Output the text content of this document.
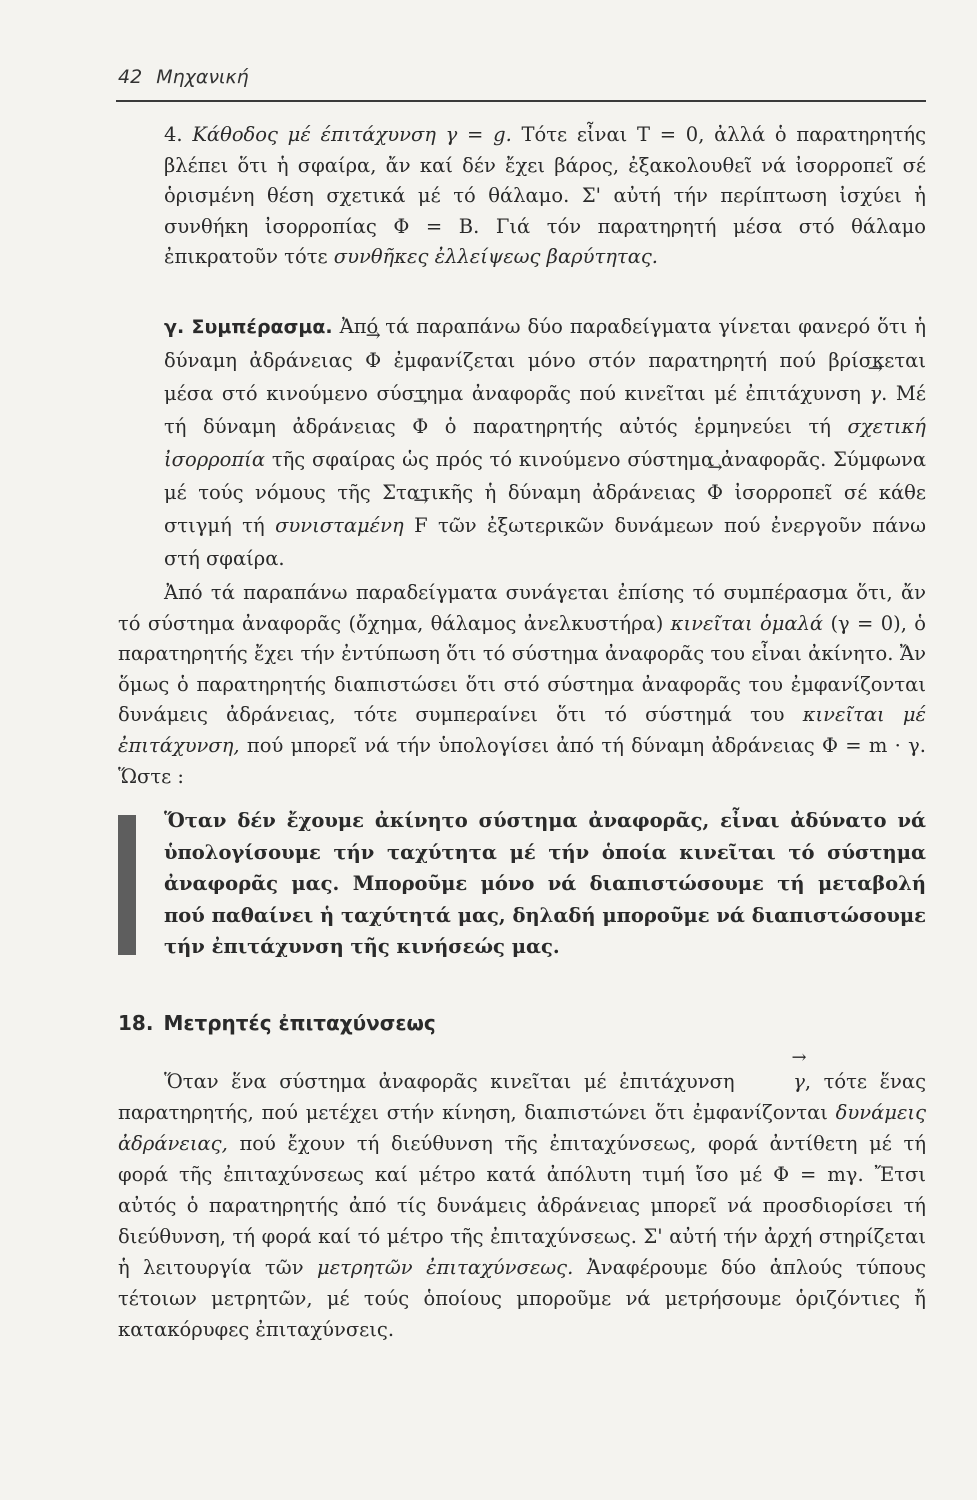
42 Μηχανική

4. Κάθοδος μέ έπιτάχυνση γ = g. Τότε εἶναι T = 0, ἀλλά ὁ παρατηρητής βλέπει ὅτι ἡ σφαίρα, ἄν καί δέν ἔχει βάρος, ἐξακολουθεῖ νά ἰσορροπεῖ σέ ὁρισμένη θέση σχετικά μέ τό θάλαμο. Σ' αὐτή τήν περίπτωση ἰσχύει ἡ συνθήκη ἰσορροπίας Φ = B. Γιά τόν παρατηρητή μέσα στό θάλαμο ἐπικρατοῦν τότε συνθῆκες ἐλλείψεως βαρύτητας.

γ. Συμπέρασμα. Ἀπό τά παραπάνω δύο παραδείγματα γίνεται φανερό ὅτι ἡ δύναμη ἀδράνειας → Φ ἐμφανίζεται μόνο στόν παρατηρητή πού βρίσκεται μέσα στό κινούμενο σύστημα ἀναφορᾶς πού κινεῖται μέ ἐπιτάχυνση → γ. Μέ τή δύναμη ἀδράνειας → Φ ὁ παρατηρητής αὐτός ἑρμηνεύει τή σχετική ἰσορροπία τῆς σφαίρας ὡς πρός τό κινούμενο σύστημα ἀναφορᾶς. Σύμφωνα μέ τούς νόμους τῆς Στατικῆς ἡ δύναμη ἀδράνειας → Φ ἰσορροπεῖ σέ κάθε στιγμή τή συνισταμένη → F τῶν ἐξωτερικῶν δυνάμεων πού ἐνεργοῦν πάνω στή σφαίρα.

Ἀπό τά παραπάνω παραδείγματα συνάγεται ἐπίσης τό συμπέρασμα ὅτι, ἄν τό σύστημα ἀναφορᾶς (ὄχημα, θάλαμος ἀνελκυστήρα) κινεῖται ὁμαλά (γ = 0), ὁ παρατηρητής ἔχει τήν ἐντύπωση ὅτι τό σύστημα ἀναφορᾶς του εἶναι ἀκίνητο. Ἄν ὅμως ὁ παρατηρητής διαπιστώσει ὅτι στό σύστημα ἀναφορᾶς του ἐμφανίζονται δυνάμεις ἀδράνειας, τότε συμπεραίνει ὅτι τό σύστημά του κινεῖται μέ ἐπιτάχυνση, πού μπορεῖ νά τήν ὑπολογίσει ἀπό τή δύναμη ἀδράνειας Φ = m · γ. Ὥστε :

Ὅταν δέν ἔχουμε ἀκίνητο σύστημα ἀναφορᾶς, εἶναι ἀδύνατο νά ὑπολογίσουμε τήν ταχύτητα μέ τήν ὁποία κινεῖται τό σύστημα ἀναφορᾶς μας. Μποροῦμε μόνο νά διαπιστώσουμε τή μεταβολή πού παθαίνει ἡ ταχύτητά μας, δηλαδή μποροῦμε νά διαπιστώσουμε τήν ἐπιτάχυνση τῆς κινήσεώς μας.
18. Μετρητές ἐπιταχύνσεως

Ὅταν ἕνα σύστημα ἀναφορᾶς κινεῖται μέ ἐπιτάχυνση → γ, τότε ἕνας παρατηρητής, πού μετέχει στήν κίνηση, διαπιστώνει ὅτι ἐμφανίζονται δυνάμεις ἀδράνειας, πού ἔχουν τή διεύθυνση τῆς ἐπιταχύνσεως, φορά ἀντίθετη μέ τή φορά τῆς ἐπιταχύνσεως καί μέτρο κατά ἀπόλυτη τιμή ἴσο μέ Φ = mγ. Ἔτσι αὐτός ὁ παρατηρητής ἀπό τίς δυνάμεις ἀδράνειας μπορεῖ νά προσδιορίσει τή διεύθυνση, τή φορά καί τό μέτρο τῆς ἐπιταχύνσεως. Σ' αὐτή τήν ἀρχή στηρίζεται ἡ λειτουργία τῶν μετρητῶν ἐπιταχύνσεως. Ἀναφέρουμε δύο ἁπλούς τύπους τέτοιων μετρητῶν, μέ τούς ὁποίους μποροῦμε νά μετρήσουμε ὁριζόντιες ἤ κατακόρυφες ἐπιταχύνσεις.
